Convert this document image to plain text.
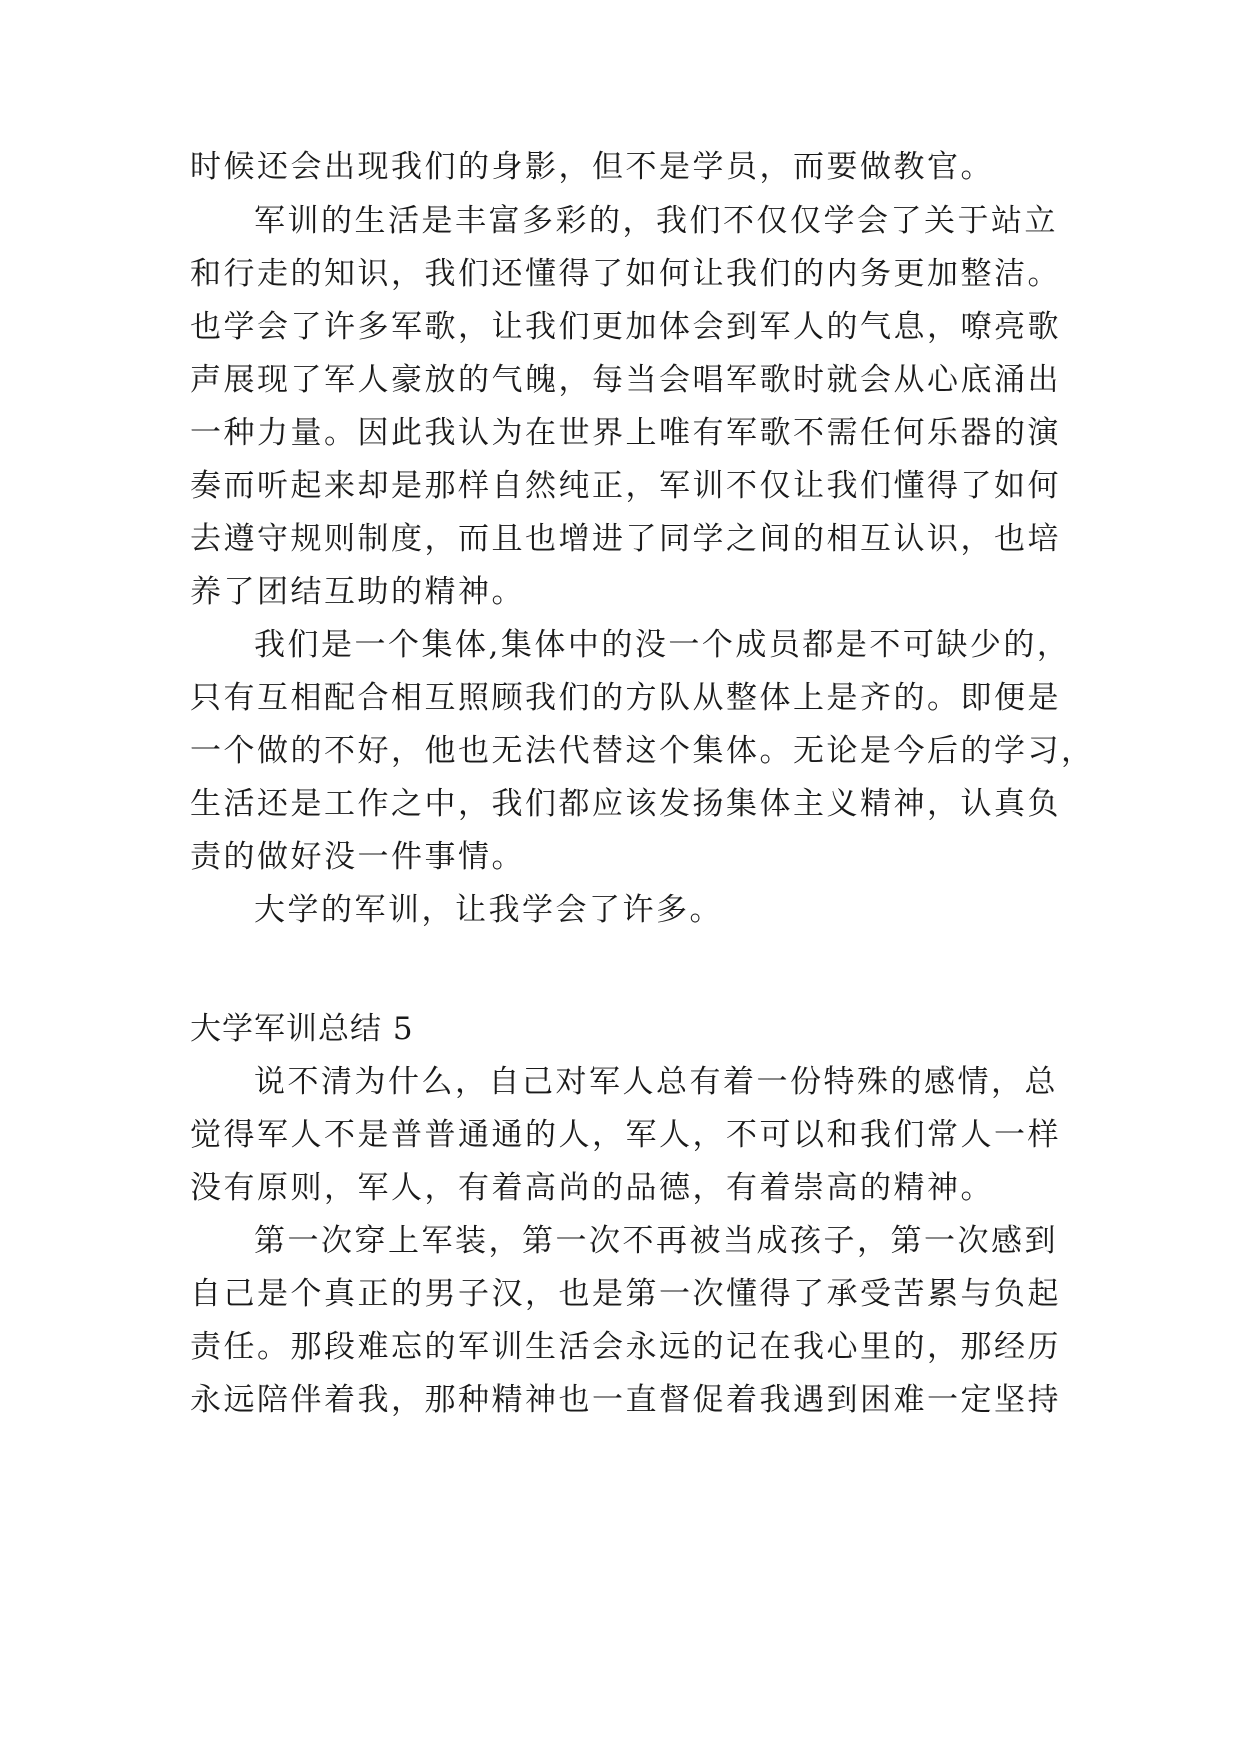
时候还会出现我们的身影，但不是学员，而要做教官。
军训的生活是丰富多彩的，我们不仅仅学会了关于站立
和行走的知识，我们还懂得了如何让我们的内务更加整洁。
也学会了许多军歌，让我们更加体会到军人的气息，嘹亮歌
声展现了军人豪放的气魄，每当会唱军歌时就会从心底涌出
一种力量。因此我认为在世界上唯有军歌不需任何乐器的演
奏而听起来却是那样自然纯正，军训不仅让我们懂得了如何
去遵守规则制度，而且也增进了同学之间的相互认识，也培
养了团结互助的精神。
我们是一个集体,集体中的没一个成员都是不可缺少的，
只有互相配合相互照顾我们的方队从整体上是齐的。即便是
一个做的不好，他也无法代替这个集体。无论是今后的学习，
生活还是工作之中，我们都应该发扬集体主义精神，认真负
责的做好没一件事情。
大学的军训，让我学会了许多。
大学军训总结 5
说不清为什么，自己对军人总有着一份特殊的感情，总
觉得军人不是普普通通的人，军人，不可以和我们常人一样
没有原则，军人，有着高尚的品德，有着崇高的精神。
第一次穿上军装，第一次不再被当成孩子，第一次感到
自己是个真正的男子汉，也是第一次懂得了承受苦累与负起
责任。那段难忘的军训生活会永远的记在我心里的，那经历
永远陪伴着我，那种精神也一直督促着我遇到困难一定坚持
